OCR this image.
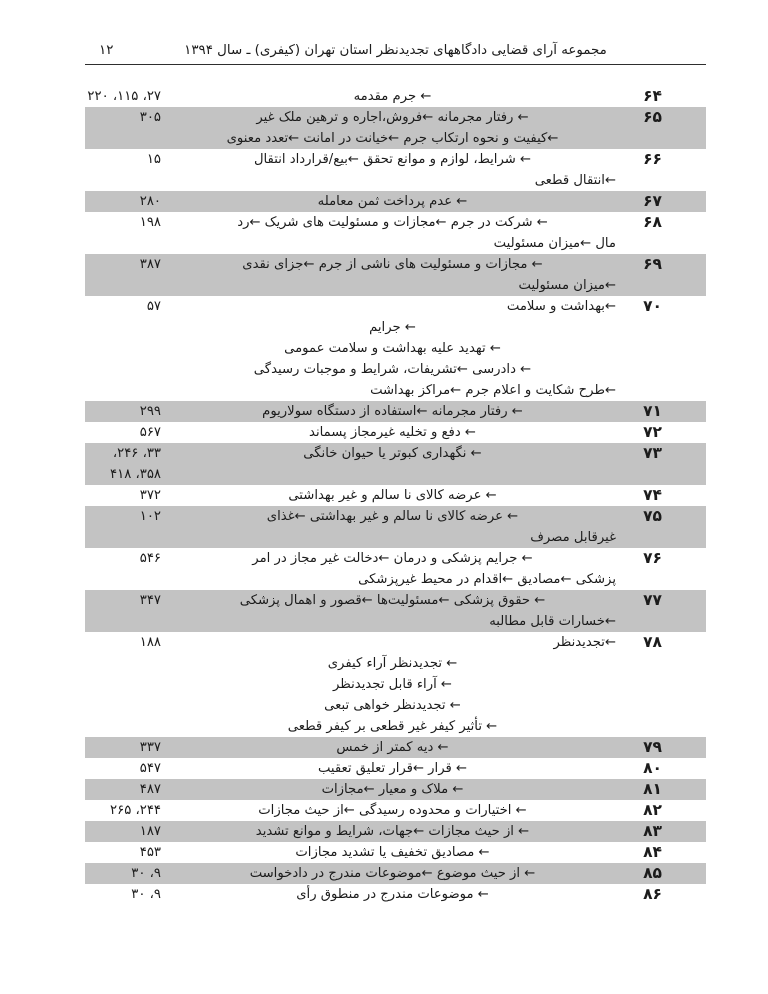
۱۲	مجموعه آرای قضایی دادگاههای تجدیدنظر استان تهران (کیفری) ـ سال ۱۳۹۴
۶۴
← جرم مقدمه
۲۷، ۱۱۵، ۲۲۰
۶۵
← رفتار مجرمانه ←فروش،اجاره و ترهین ملک غیر
←کیفیت و نحوه ارتکاب جرم ←خیانت در امانت ←تعدد معنوی
۳۰۵
۶۶
← شرایط، لوازم و موانع تحقق ←بیع/قرارداد انتقال
←انتقال قطعی
۱۵
۶۷
← عدم پرداخت ثمن معامله
۲۸۰
۶۸
← شرکت در جرم ←مجازات و مسئولیت های شریک ←رد
مال ←میزان مسئولیت
۱۹۸
۶۹
← مجازات و مسئولیت های ناشی از جرم ←جزای نقدی
←میزان مسئولیت
۳۸۷
۷۰
←بهداشت و سلامت
← جرایم
← تهدید علیه بهداشت و سلامت عمومی
← دادرسی ←تشریفات، شرایط و موجبات رسیدگی
←طرح شکایت و اعلام جرم ←مراکز بهداشت
۵۷
۷۱
← رفتار مجرمانه ←استفاده از دستگاه سولاریوم
۲۹۹
۷۲
← دفع و تخلیه غیرمجاز پسماند
۵۶۷
۷۳
← نگهداری کبوتر یا حیوان خانگی
۳۳، ۲۴۶، ۳۵۸، ۴۱۸
۷۴
← عرضه کالای نا سالم و غیر بهداشتی
۳۷۲
۷۵
← عرضه کالای نا سالم و غیر بهداشتی ←غذای
غیرقابل مصرف
۱۰۲
۷۶
← جرایم پزشکی و درمان ←دخالت غیر مجاز در امر
پزشکی ←مصادیق ←اقدام در محیط غیرپزشکی
۵۴۶
۷۷
← حقوق پزشکی ←مسئولیت‌ها ←قصور و اهمال پزشکی
←خسارات قابل مطالبه
۳۴۷
۷۸
←تجدیدنظر
← تجدیدنظر آراء کیفری
← آراء قابل تجدیدنظر
← تجدیدنظر خواهی تبعی
← تأثیر کیفر غیر قطعی بر کیفر قطعی
۱۸۸
۷۹
← دیه کمتر از خمس
۳۳۷
۸۰
← قرار ←قرار تعلیق تعقیب
۵۴۷
۸۱
← ملاک و معیار ←مجازات
۴۸۷
۸۲
← اختیارات و محدوده رسیدگی ←از حیث مجازات
۲۴۴، ۲۶۵
۸۳
← از حیث مجازات ←جهات، شرایط و موانع تشدید
۱۸۷
۸۴
← مصادیق تخفیف یا تشدید مجازات
۴۵۳
۸۵
← از حیث موضوع ←موضوعات مندرج در دادخواست
۹، ۳۰
۸۶
← موضوعات مندرج در منطوق رأی
۹، ۳۰
